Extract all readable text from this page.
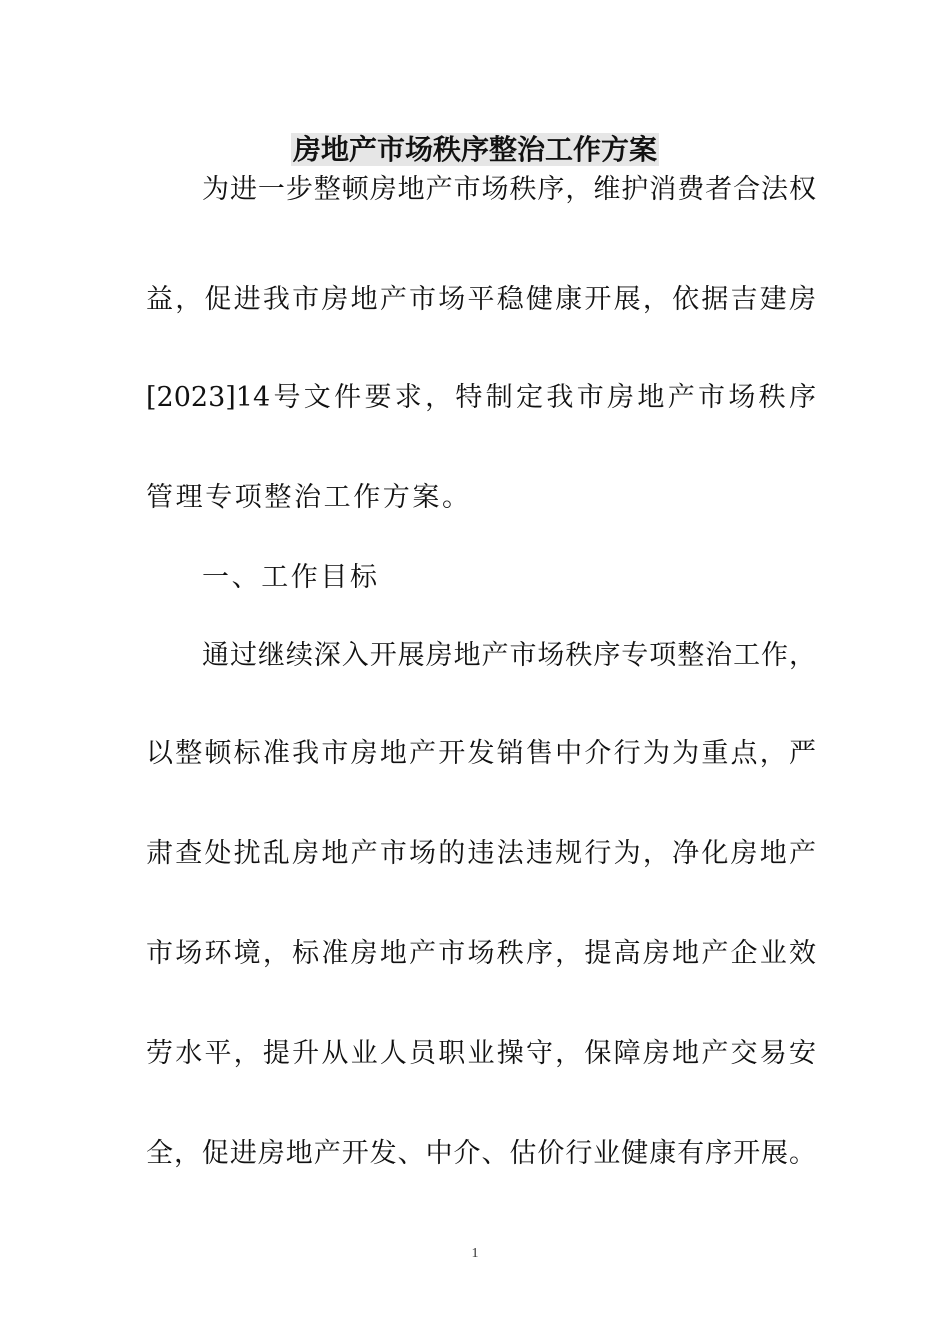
房地产市场秩序整治工作方案
为进一步整顿房地产市场秩序，维护消费者合法权
益，促进我市房地产市场平稳健康开展，依据吉建房
[2023]14号文件要求，特制定我市房地产市场秩序
管理专项整治工作方案。
一、工作目标
通过继续深入开展房地产市场秩序专项整治工作，
以整顿标准我市房地产开发销售中介行为为重点，严
肃查处扰乱房地产市场的违法违规行为，净化房地产
市场环境，标准房地产市场秩序，提高房地产企业效
劳水平，提升从业人员职业操守，保障房地产交易安
全，促进房地产开发、中介、估价行业健康有序开展。
1
